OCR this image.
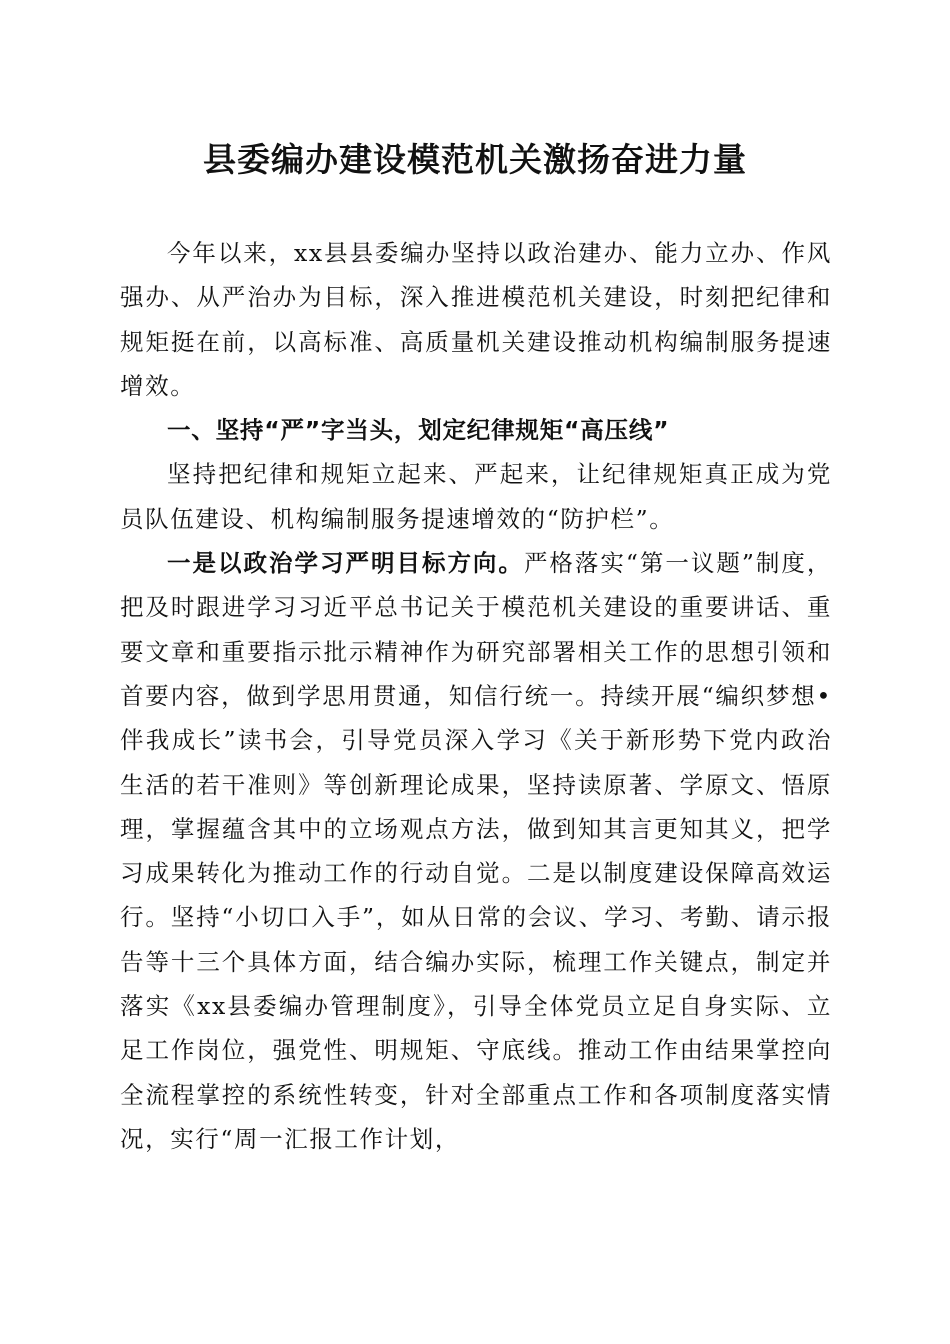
县委编办建设模范机关激扬奋进力量

今年以来，xx县县委编办坚持以政治建办、能力立办、作风强办、从严治办为目标，深入推进模范机关建设，时刻把纪律和规矩挺在前，以高标准、高质量机关建设推动机构编制服务提速增效。

一、坚持“严”字当头，划定纪律规矩“高压线”

坚持把纪律和规矩立起来、严起来，让纪律规矩真正成为党员队伍建设、机构编制服务提速增效的“防护栏”。

一是以政治学习严明目标方向。严格落实“第一议题”制度，把及时跟进学习习近平总书记关于模范机关建设的重要讲话、重要文章和重要指示批示精神作为研究部署相关工作的思想引领和首要内容，做到学思用贯通，知信行统一。持续开展“编织梦想•伴我成长”读书会，引导党员深入学习《关于新形势下党内政治生活的若干准则》等创新理论成果，坚持读原著、学原文、悟原理，掌握蕴含其中的立场观点方法，做到知其言更知其义，把学习成果转化为推动工作的行动自觉。二是以制度建设保障高效运行。坚持“小切口入手”，如从日常的会议、学习、考勤、请示报告等十三个具体方面，结合编办实际，梳理工作关键点，制定并落实《xx县委编办管理制度》，引导全体党员立足自身实际、立足工作岗位，强党性、明规矩、守底线。推动工作由结果掌控向全流程掌控的系统性转变，针对全部重点工作和各项制度落实情况，实行“周一汇报工作计划，
